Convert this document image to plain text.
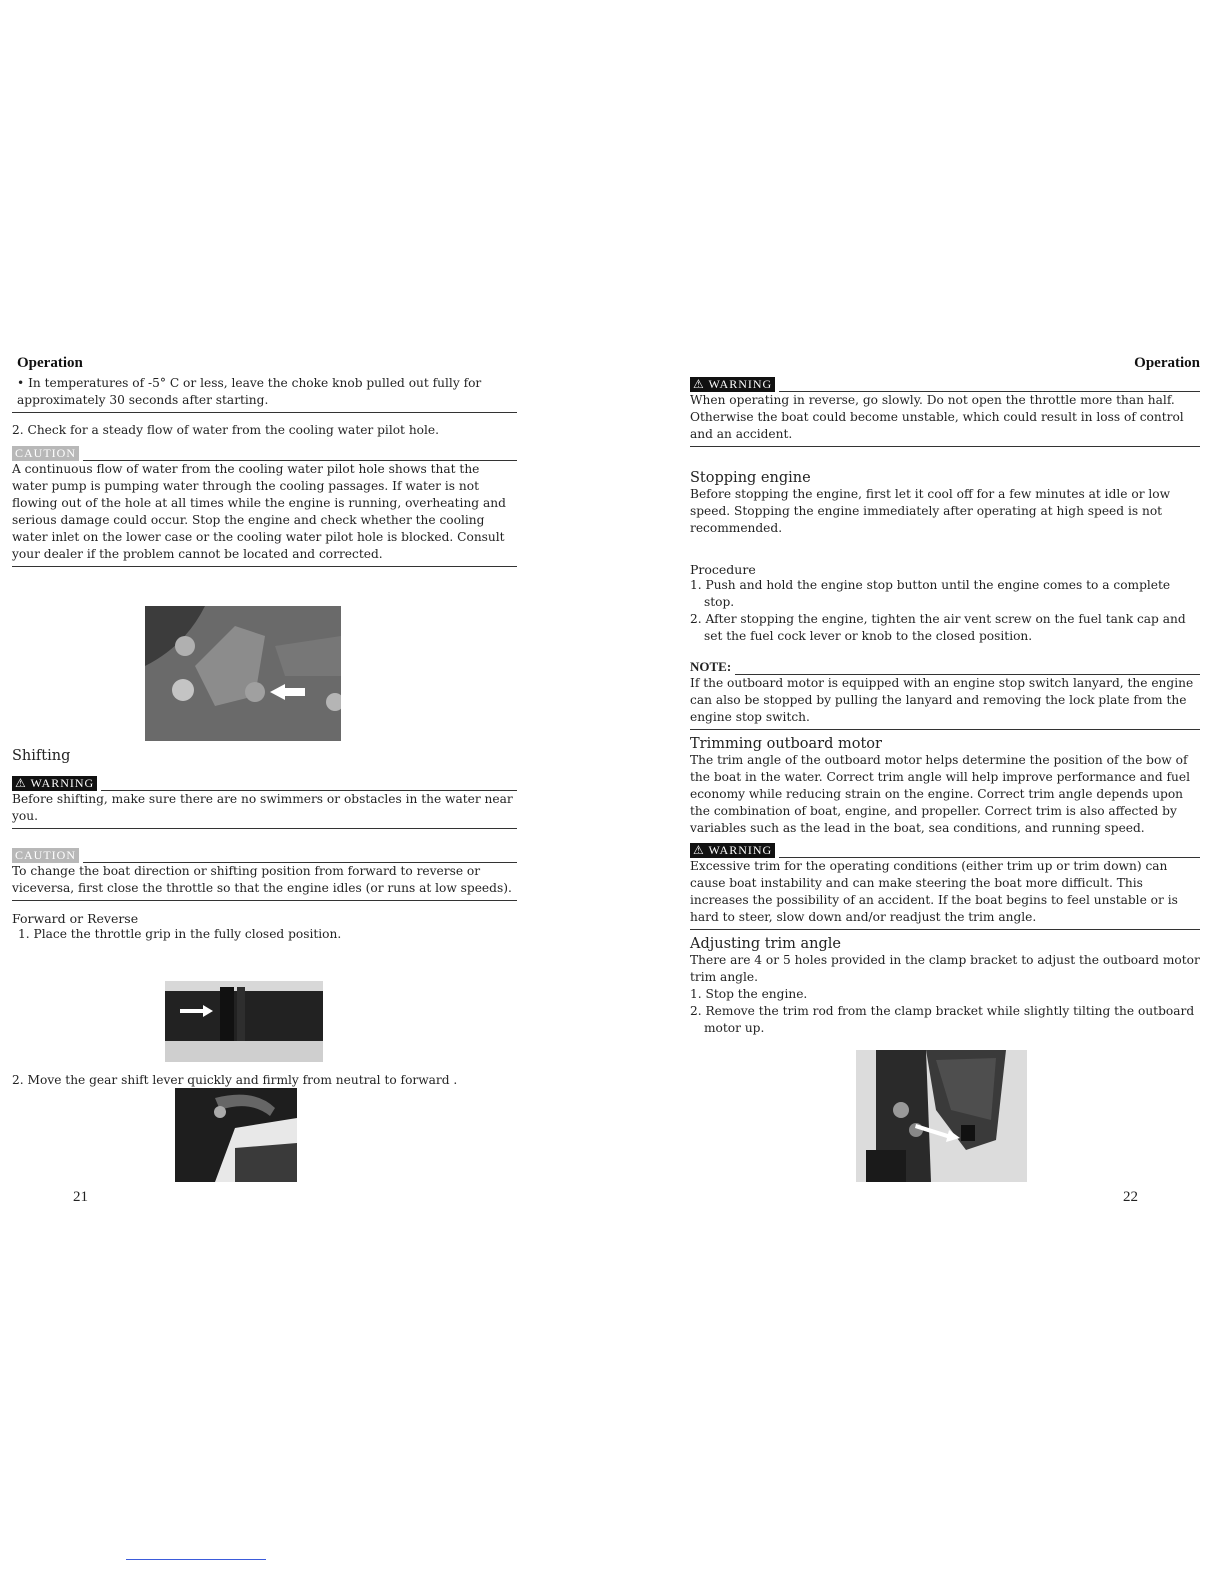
Operation

• In temperatures of -5° C or less, leave the choke knob pulled out fully for approximately 30 seconds after starting.

2. Check for a steady flow of water from the cooling water pilot hole.

CAUTION

A continuous flow of water from the cooling water pilot hole shows that the water pump is pumping water through the cooling passages. If water is not flowing out of the hole at all times while the engine is running, overheating and serious damage could occur. Stop the engine and check whether the cooling water inlet on the lower case or the cooling water pilot hole is blocked. Consult your dealer if the problem cannot be located and corrected.

Shifting

⚠ WARNING

Before shifting, make sure there are no swimmers or obstacles in the water near you.

CAUTION

To change the boat direction or shifting position from forward to reverse or viceversa, first close the throttle so that the engine idles (or runs at low speeds).

Forward or Reverse

1. Place the throttle grip in the fully closed position.

2. Move the gear shift lever quickly and firmly from neutral to forward .

21
Operation
⚠ WARNING

When operating in reverse, go slowly. Do not open the throttle more than half. Otherwise the boat could become unstable, which could result in loss of control and an accident.

Stopping engine

Before stopping the engine, first let it cool off for a few minutes at idle or low speed. Stopping the engine immediately after operating at high speed is not recommended.

Procedure

1. Push and hold the engine stop button until the engine comes to a complete stop.

2. After stopping the engine, tighten the air vent screw on the fuel tank cap and set the fuel cock lever or knob to the closed position.

NOTE:

If the outboard motor is equipped with an engine stop switch lanyard, the engine can also be stopped by pulling the lanyard and removing the lock plate from the engine stop switch.

Trimming outboard motor

The trim angle of the outboard motor helps determine the position of the bow of the boat in the water. Correct trim angle will help improve performance and fuel economy while reducing strain on the engine. Correct trim angle depends upon the combination of boat, engine, and propeller. Correct trim is also affected by variables such as the lead in the boat, sea conditions, and running speed.

⚠ WARNING

Excessive trim for the operating conditions (either trim up or trim down) can cause boat instability and can make steering the boat more difficult. This increases the possibility of an accident. If the boat begins to feel unstable or is hard to steer, slow down and/or readjust the trim angle.

Adjusting trim angle

There are 4 or 5 holes provided in the clamp bracket to adjust the outboard motor trim angle.

1. Stop the engine.

2. Remove the trim rod from the clamp bracket while slightly tilting the outboard motor up.

22
